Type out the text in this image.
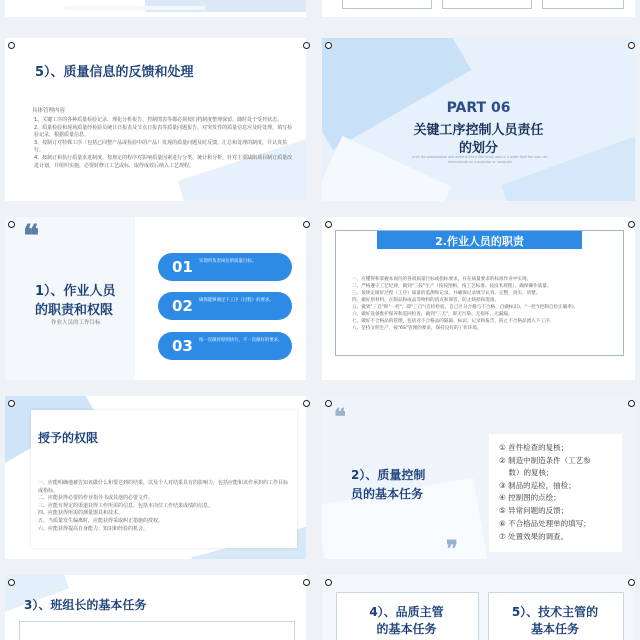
5）、质量信息的反馈和处理
具体管理内容
1、关键工序的各种质量检验记录、理化分析报告、控制图表等都必须按归档制度整理保留，随时处于受控状态。
2、质量检验和现场质量经检验员统计日报表及节点日报表等质量问题报告，对突发性的质量信息应及时处理，填写检验记录，根据质量信息。
3、按制订对特殊工序（包括已回整产品或检验中的产品）发现的质量问题及时反馈，汇总和处理的制度，并认真执行。
4、按制订和执行质量求进制度，按规定的程序对影响质量因素进行分类、统计和分析，针对主要缺陷项目制订质量改进计划，并组织实施，必要时修订工艺或标，取得成效后纳入工艺规程。
PART 06
关键工序控制人员责任
的划分
print the presentation and make it into a film to be used in a wider field the user can demonstrate on a projector or computer
❝
1）、作业人员
的职责和权限
作业人员的工作目标
01 实现所负责岗位的质量目标。
02 确保能够满足下工序（过程）的要求。
03 按一次做好原则执行，不一次做好的要求。
2.作业人员的职责
一、应懂得和掌握本岗位的各项质量目标或指标要求，并在质量要求的标准作业中实现。
二、严格遵守工艺纪律，做到"三按"生产（按按图纸、按工艺标准、按技术规程），确保操作质量。
三、按规定做好过程（工序）质量的监测和记录，并确保记录填写认真、完整，真实、清楚。
四、做好原材料，在制品和成品等物料的清点和保管，防止缺损和混淆。
五、做到"三自"和"一控"，即"三自"(自检检验、自己区分合格与不合格、自做标识)、"一控"(控制自检正确率)。
六、做好设备维护保养和巡回检查，做到"三无"，即无污染、无损坏、无漏漏。
七、做好不合格品的管理，包括对不合格品的隔离、标识、记录和报告，防止不合格品流入下工序。
八、坚持文明生产，按"6S"管理的要求，保持良好的工作环境。
授予的权限
一、应能明确地被告知该做什么和要达到的结果，以及个人对结果具有的影响力，包括应能和该作承担的工作目标或指标。
二、应能获得必要的作业指导书或其他的必要文件。
三、应能有规定的渠道获得工作所需的信息，包括本岗位工作结果成绩的信息。
四、应能获得所需的测量器具和技术。
五、当质量发生偏离时，应能获得采取纠正措施的授权。
六、应能获得提高自身能力、知识和经验的机会。
❝
❞
2）、质量控制
员的基本任务
① 首件检查的复核；
② 制造中制造条件（工艺参
数）的复核；
③ 制品的巡检，抽检；
④ 控制图的点绘；
⑤ 异常问题的反馈；
⑥ 不合格品处理单的填写；
⑦ 处置效果的调查。
3）、班组长的基本任务	4）、品质主管
的基本任务
5）、技术主管的
基本任务
